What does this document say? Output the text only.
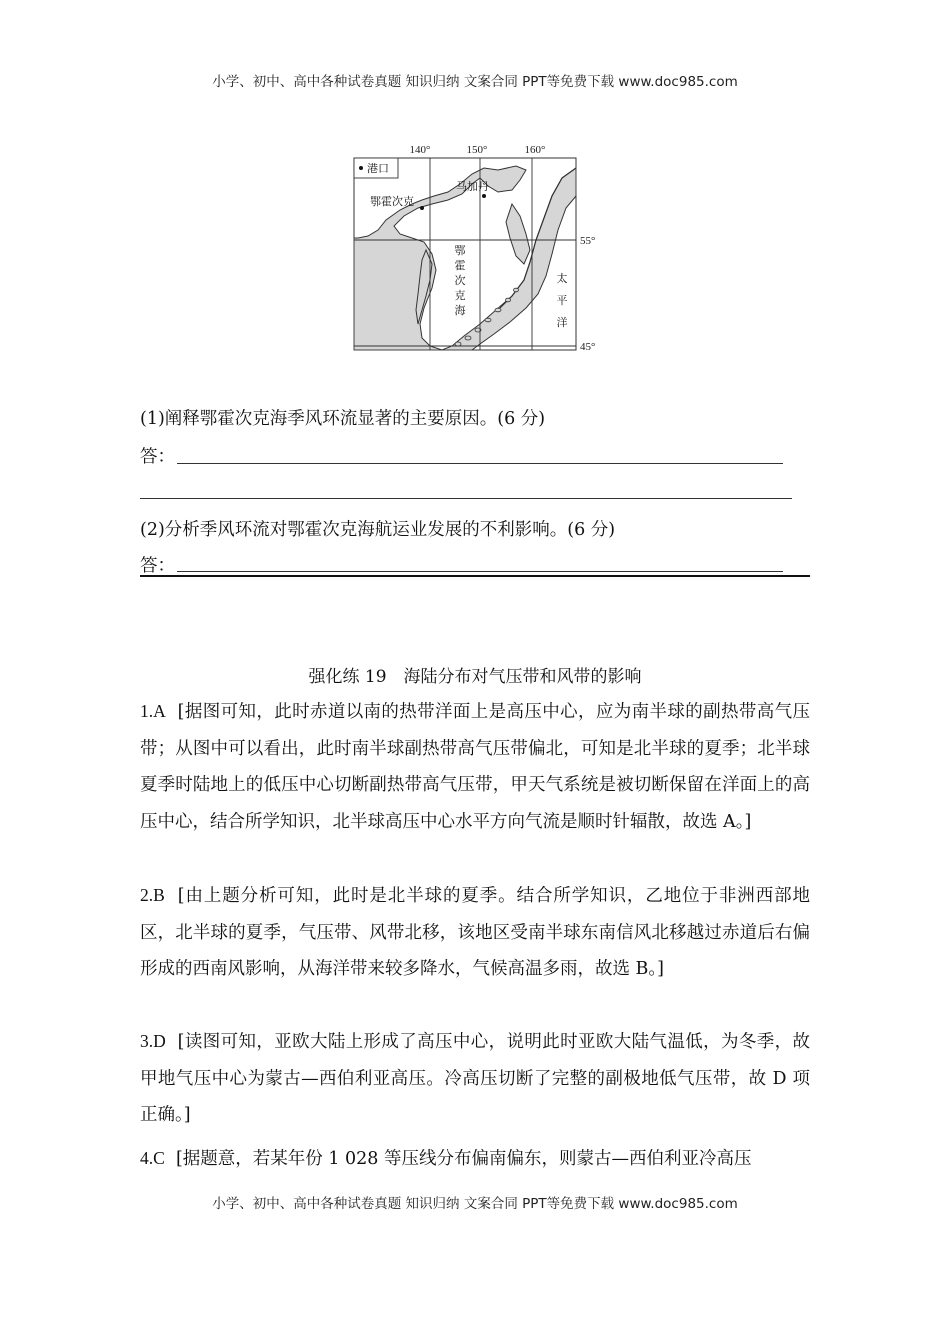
小学、初中、高中各种试卷真题 知识归纳 文案合同 PPT等免费下载 www.doc985.com
140°	150°	160°
55°
45°
港口
鄂霍次克
马加丹
鄂
霍
次
克
海
太
平
洋
(1)阐释鄂霍次克海季风环流显著的主要原因。(6 分)
答：
(2)分析季风环流对鄂霍次克海航运业发展的不利影响。(6 分)
答：
强化练 19　海陆分布对气压带和风带的影响
1.A [据图可知，此时赤道以南的热带洋面上是高压中心，应为南半球的副热带高气压带；从图中可以看出，此时南半球副热带高气压带偏北，可知是北半球的夏季；北半球夏季时陆地上的低压中心切断副热带高气压带，甲天气系统是被切断保留在洋面上的高压中心，结合所学知识，北半球高压中心水平方向气流是顺时针辐散，故选 A。]
2.B [由上题分析可知，此时是北半球的夏季。结合所学知识，乙地位于非洲西部地区，北半球的夏季，气压带、风带北移，该地区受南半球东南信风北移越过赤道后右偏形成的西南风影响，从海洋带来较多降水，气候高温多雨，故选 B。]
3.D [读图可知，亚欧大陆上形成了高压中心，说明此时亚欧大陆气温低，为冬季，故甲地气压中心为蒙古—西伯利亚高压。冷高压切断了完整的副极地低气压带，故 D 项正确。]
4.C [据题意，若某年份 1 028 等压线分布偏南偏东，则蒙古—西伯利亚冷高压
小学、初中、高中各种试卷真题 知识归纳 文案合同 PPT等免费下载 www.doc985.com
